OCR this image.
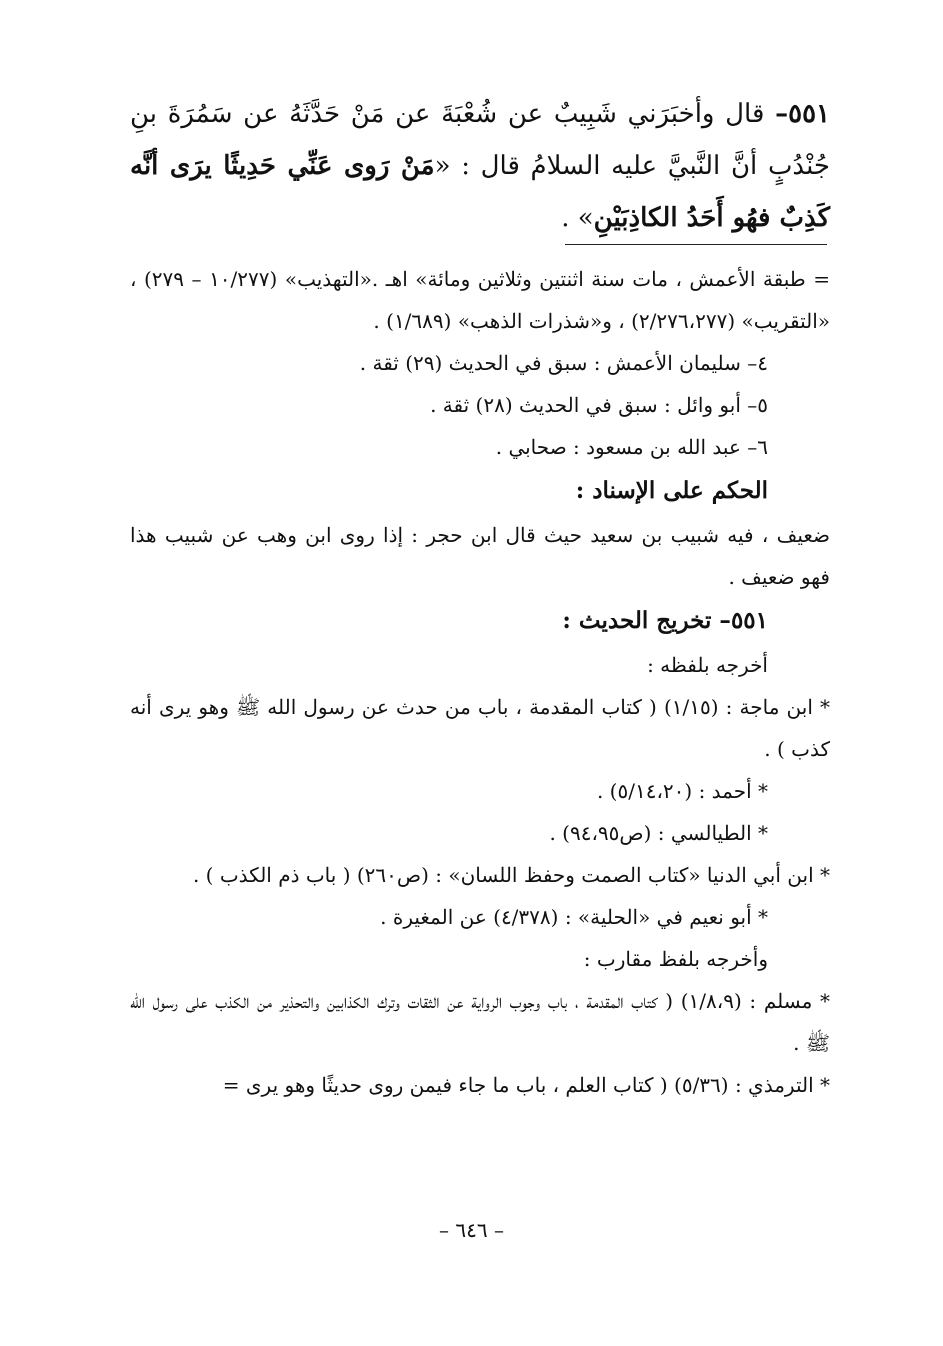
٥٥١– قال وأخبَرَني شَبِيبٌ عن شُعْبَةَ عن مَنْ حَدَّثَهُ عن سَمُرَةَ بنِ جُنْدُبٍ أنَّ النَّبيَّ عليه السلامُ قال : «مَنْ رَوى عَنِّي حَدِيثًا يرَى أنَّه كَذِبٌ فهُو أَحَدُ الكاذِبَيْنِ» .

= طبقة الأعمش ، مات سنة اثنتين وثلاثين ومائة» اهـ .«التهذيب» (١٠/٢٧٧ – ٢٧٩) ، «التقريب» (٢/٢٧٦،٢٧٧) ، و«شذرات الذهب» (١/٦٨٩) .

٤– سليمان الأعمش : سبق في الحديث (٢٩) ثقة .

٥– أبو وائل : سبق في الحديث (٢٨) ثقة .

٦– عبد الله بن مسعود : صحابي .

الحكم على الإسناد :

ضعيف ، فيه شبيب بن سعيد حيث قال ابن حجر : إذا روى ابن وهب عن شبيب هذا فهو ضعيف .

٥٥١– تخريج الحديث :

أخرجه بلفظه :

* ابن ماجة : (١/١٥) ( كتاب المقدمة ، باب من حدث عن رسول الله ﷺ وهو يرى أنه كذب ) .

* أحمد : (٥/١٤،٢٠) .

* الطيالسي : (ص٩٤،٩٥) .

* ابن أبي الدنيا «كتاب الصمت وحفظ اللسان» : (ص٢٦٠) ( باب ذم الكذب ) .

* أبو نعيم في «الحلية» : (٤/٣٧٨) عن المغيرة .

وأخرجه بلفظ مقارب :

* مسلم : (١/٨،٩) ( كتاب المقدمة ، باب وجوب الرواية عن الثقات وترك الكذابين والتحذير من الكذب على رسول الله ﷺ .

* الترمذي : (٥/٣٦) ( كتاب العلم ، باب ما جاء فيمن روى حديثًا وهو يرى =

– ٦٤٦ –
